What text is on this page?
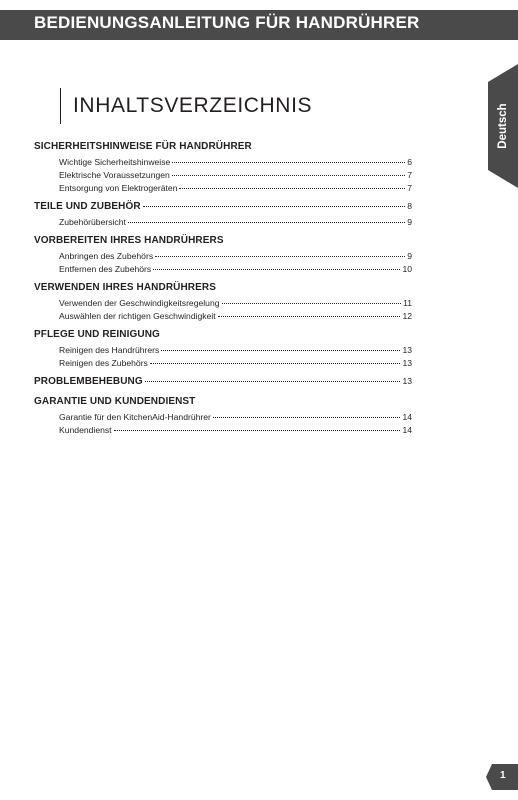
BEDIENUNGSANLEITUNG FÜR HANDRÜHRER
Deutsch
INHALTSVERZEICHNIS
SICHERHEITSHINWEISE FÜR HANDRÜHRER
Wichtige Sicherheitshinweise	6
Elektrische Voraussetzungen	7
Entsorgung von Elektrogeräten	7
TEILE UND ZUBEHÖR	8
Zubehörübersicht	9
VORBEREITEN IHRES HANDRÜHRERS
Anbringen des Zubehörs	9
Entfernen des Zubehörs	10
VERWENDEN IHRES HANDRÜHRERS
Verwenden der Geschwindigkeitsregelung	11
Auswählen der richtigen Geschwindigkeit	12
PFLEGE UND REINIGUNG
Reinigen des Handrührers	13
Reinigen des Zubehörs	13
PROBLEMBEHEBUNG	13
GARANTIE UND KUNDENDIENST
Garantie für den KitchenAid-Handrührer	14
Kundendienst	14
1
